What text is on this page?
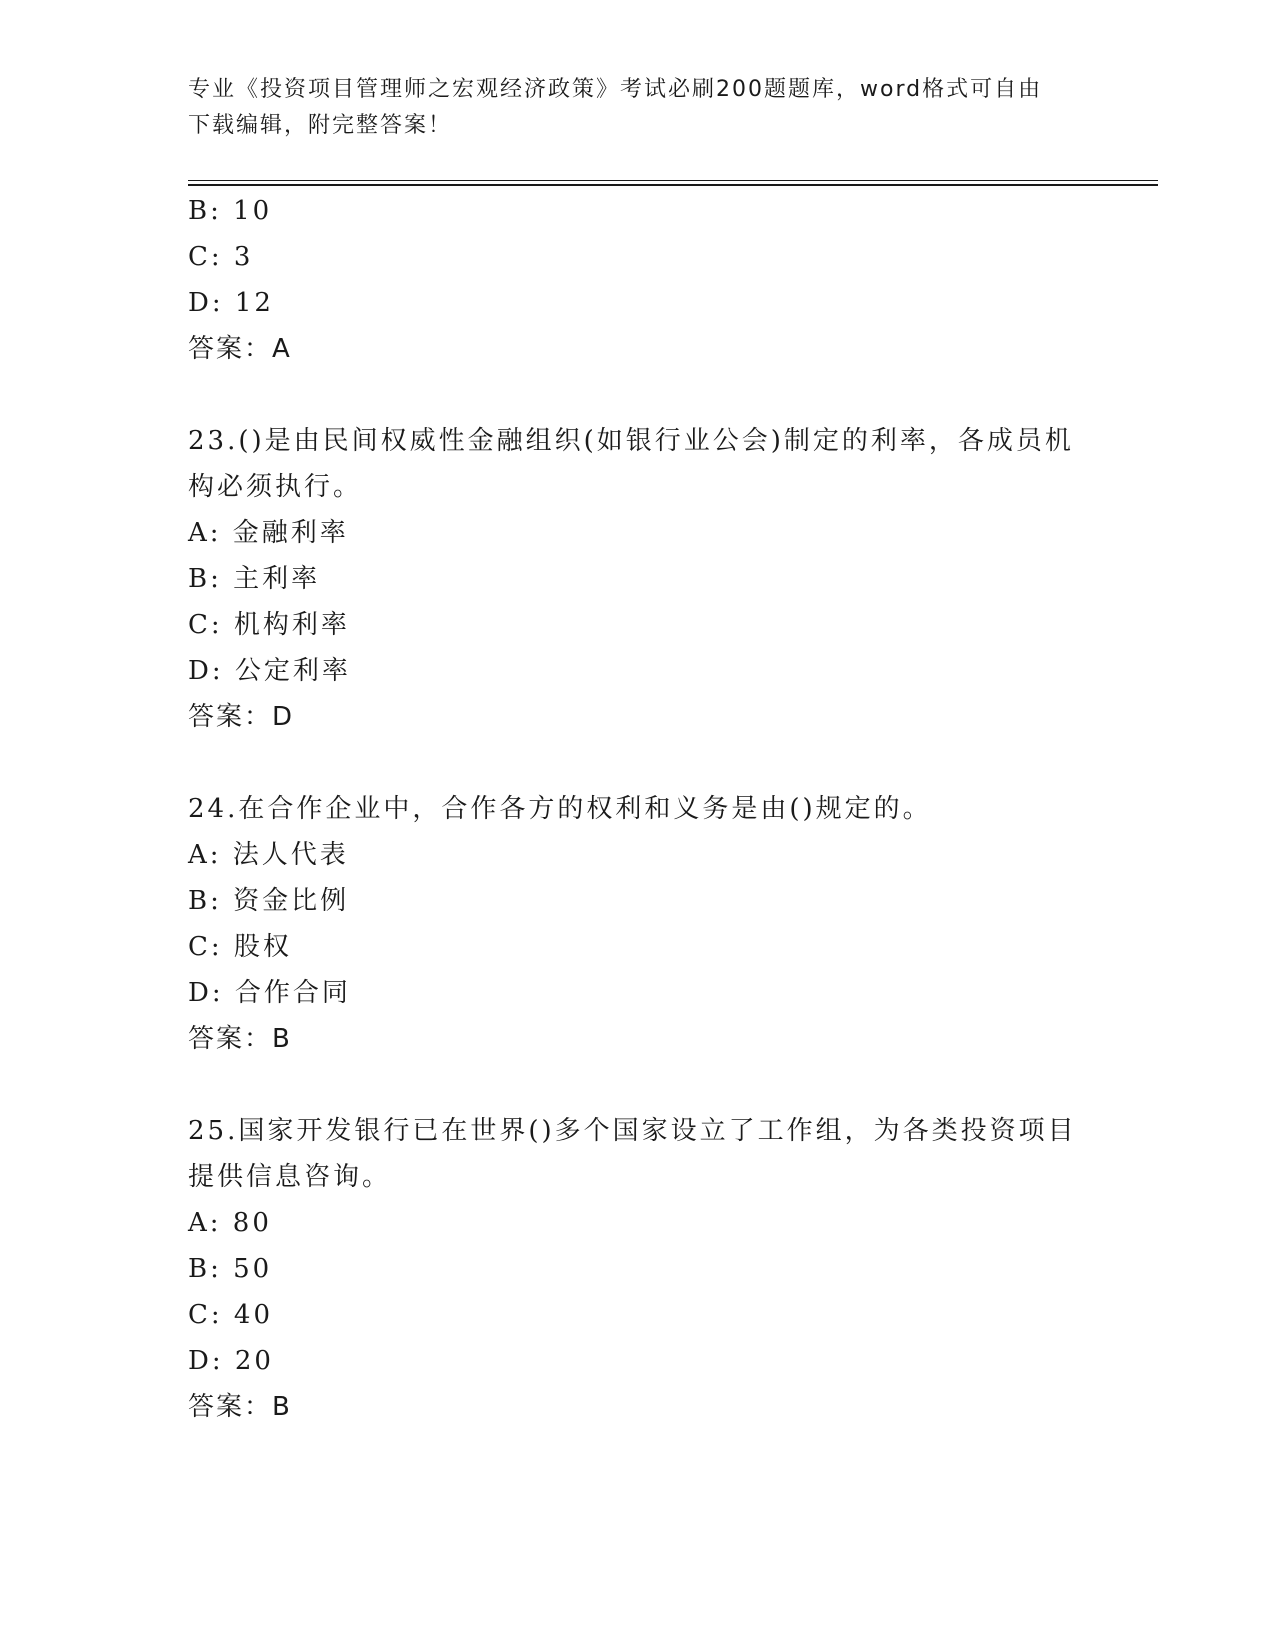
专业《投资项目管理师之宏观经济政策》考试必刷200题题库，word格式可自由
下载编辑，附完整答案！
B: 10
C: 3
D: 12
答案：A
23.()是由民间权威性金融组织(如银行业公会)制定的利率，各成员机
构必须执行。
A: 金融利率
B: 主利率
C: 机构利率
D: 公定利率
答案：D
24.在合作企业中，合作各方的权利和义务是由()规定的。
A: 法人代表
B: 资金比例
C: 股权
D: 合作合同
答案：B
25.国家开发银行已在世界()多个国家设立了工作组，为各类投资项目
提供信息咨询。
A: 80
B: 50
C: 40
D: 20
答案：B
